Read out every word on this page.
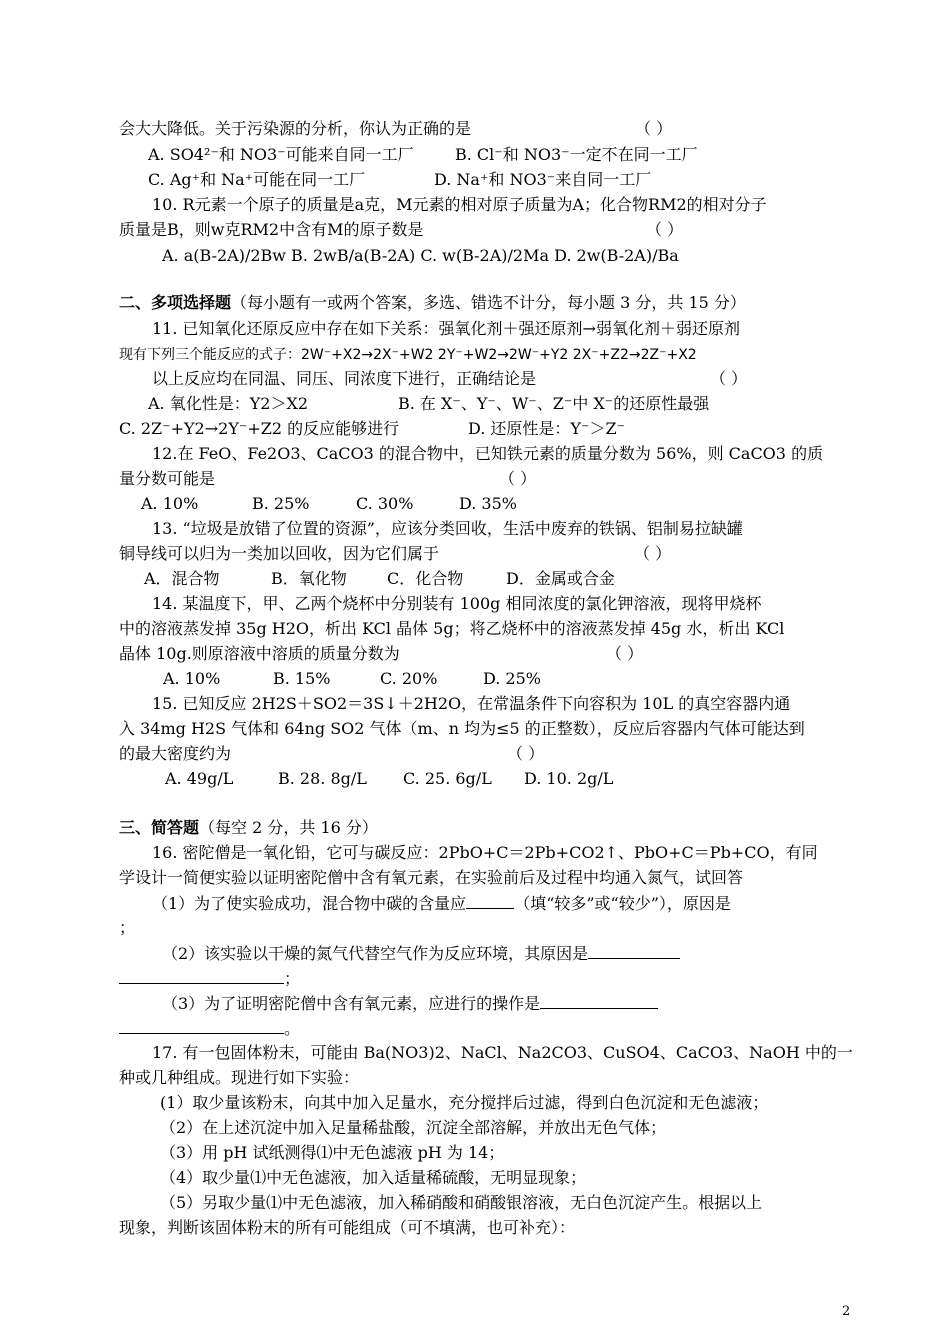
会大大降低。关于污染源的分析，你认为正确的是	（ ）
A. SO4²⁻和 NO3⁻可能来自同一工厂	B. Cl⁻和 NO3⁻一定不在同一工厂
C. Ag⁺和 Na⁺可能在同一工厂	D. Na⁺和 NO3⁻来自同一工厂
10. R元素一个原子的质量是a克，M元素的相对原子质量为A；化合物RM2的相对分子
质量是B，则w克RM2中含有M的原子数是	（ ）
A. a(B-2A)/2Bw B. 2wB/a(B-2A) C. w(B-2A)/2Ma D. 2w(B-2A)/Ba
二、多项选择题（每小题有一或两个答案，多选、错选不计分，每小题 3 分，共 15 分）
11. 已知氧化还原反应中存在如下关系：强氧化剂＋强还原剂→弱氧化剂＋弱还原剂
现有下列三个能反应的式子：2W⁻+X2→2X⁻+W2 2Y⁻+W2→2W⁻+Y2 2X⁻+Z2→2Z⁻+X2
以上反应均在同温、同压、同浓度下进行，正确结论是	（ ）
A. 氧化性是：Y2＞X2	B. 在 X⁻、Y⁻、W⁻、Z⁻中 X⁻的还原性最强
C. 2Z⁻+Y2→2Y⁻+Z2 的反应能够进行	D. 还原性是：Y⁻＞Z⁻
12.在 FeO、Fe2O3、CaCO3 的混合物中，已知铁元素的质量分数为 56%，则 CaCO3 的质
量分数可能是	（ ）
A. 10%	B. 25%	C. 30%	D. 35%
13. “垃圾是放错了位置的资源”，应该分类回收，生活中废弃的铁锅、铝制易拉缺罐
铜导线可以归为一类加以回收，因为它们属于	（ ）
A．混合物	B．氧化物	C．化合物	D．金属或合金
14. 某温度下，甲、乙两个烧杯中分别装有 100g 相同浓度的氯化钾溶液，现将甲烧杯
中的溶液蒸发掉 35g H2O，析出 KCl 晶体 5g；将乙烧杯中的溶液蒸发掉 45g 水，析出 KCl
晶体 10g.则原溶液中溶质的质量分数为	（ ）
A. 10%	B. 15%	C. 20%	D. 25%
15. 已知反应 2H2S＋SO2＝3S↓＋2H2O，在常温条件下向容积为 10L 的真空容器内通
入 34mg H2S 气体和 64ng SO2 气体（m、n 均为≤5 的正整数），反应后容器内气体可能达到
的最大密度约为	（ ）
A. 49g/L	B. 28. 8g/L C. 25. 6g/L D. 10. 2g/L
三、简答题（每空 2 分，共 16 分）
16. 密陀僧是一氧化铅，它可与碳反应：2PbO+C＝2Pb+CO2↑、PbO+C＝Pb+CO，有同
学设计一简便实验以证明密陀僧中含有氧元素，在实验前后及过程中均通入氮气，试回答
（1）为了使实验成功，混合物中碳的含量应	（填“较多”或“较少”），原因是
；
（2）该实验以干燥的氮气代替空气作为反应环境，其原因是
；
（3）为了证明密陀僧中含有氧元素，应进行的操作是
。
17. 有一包固体粉末，可能由 Ba(NO3)2、NaCl、Na2CO3、CuSO4、CaCO3、NaOH 中的一
种或几种组成。现进行如下实验：
(1）取少量该粉末，向其中加入足量水，充分搅拌后过滤，得到白色沉淀和无色滤液；
（2）在上述沉淀中加入足量稀盐酸，沉淀全部溶解，并放出无色气体；
（3）用 pH 试纸测得⑴中无色滤液 pH 为 14；
（4）取少量⑴中无色滤液，加入适量稀硫酸，无明显现象；
（5）另取少量⑴中无色滤液，加入稀硝酸和硝酸银溶液，无白色沉淀产生。根据以上
现象，判断该固体粉末的所有可能组成（可不填满，也可补充）：
2
